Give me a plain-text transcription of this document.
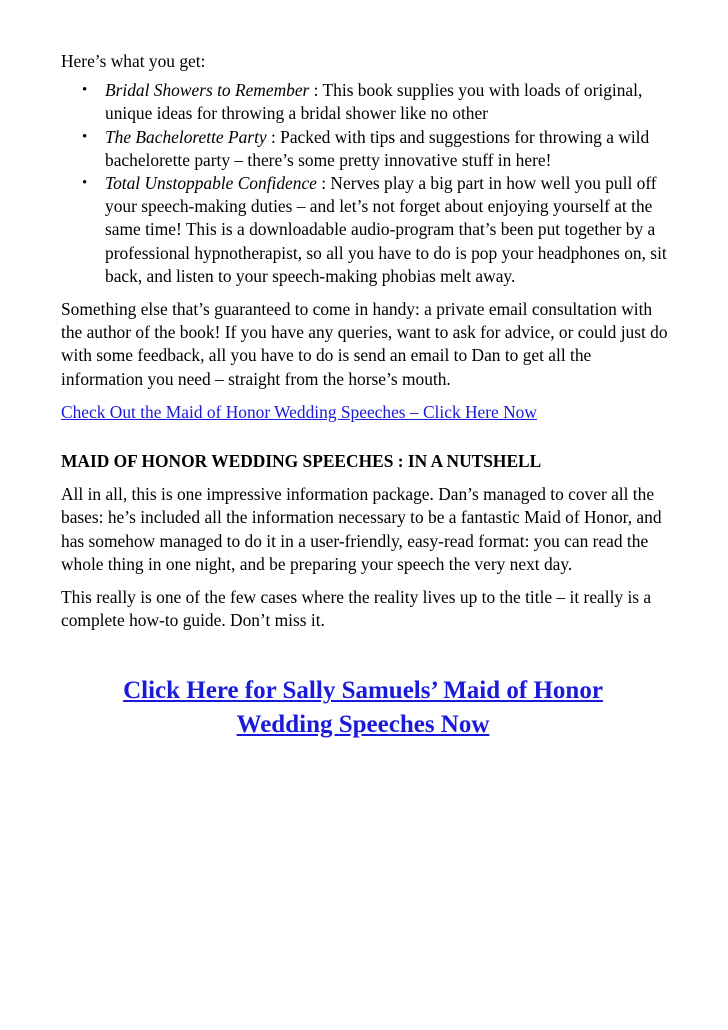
Here’s what you get:

• Bridal Showers to Remember : This book supplies you with loads of original, unique ideas for throwing a bridal shower like no other
• The Bachelorette Party : Packed with tips and suggestions for throwing a wild bachelorette party – there’s some pretty innovative stuff in here!
• Total Unstoppable Confidence : Nerves play a big part in how well you pull off your speech-making duties – and let’s not forget about enjoying yourself at the same time! This is a downloadable audio-program that’s been put together by a professional hypnotherapist, so all you have to do is pop your headphones on, sit back, and listen to your speech-making phobias melt away.

Something else that’s guaranteed to come in handy: a private email consultation with the author of the book! If you have any queries, want to ask for advice, or could just do with some feedback, all you have to do is send an email to Dan to get all the information you need – straight from the horse’s mouth.

Check Out the Maid of Honor Wedding Speeches – Click Here Now

MAID OF HONOR WEDDING SPEECHES : IN A NUTSHELL

All in all, this is one impressive information package. Dan’s managed to cover all the bases: he’s included all the information necessary to be a fantastic Maid of Honor, and has somehow managed to do it in a user-friendly, easy-read format: you can read the whole thing in one night, and be preparing your speech the very next day.

This really is one of the few cases where the reality lives up to the title – it really is a complete how-to guide. Don’t miss it.

Click Here for Sally Samuels’ Maid of Honor
Wedding Speeches Now
